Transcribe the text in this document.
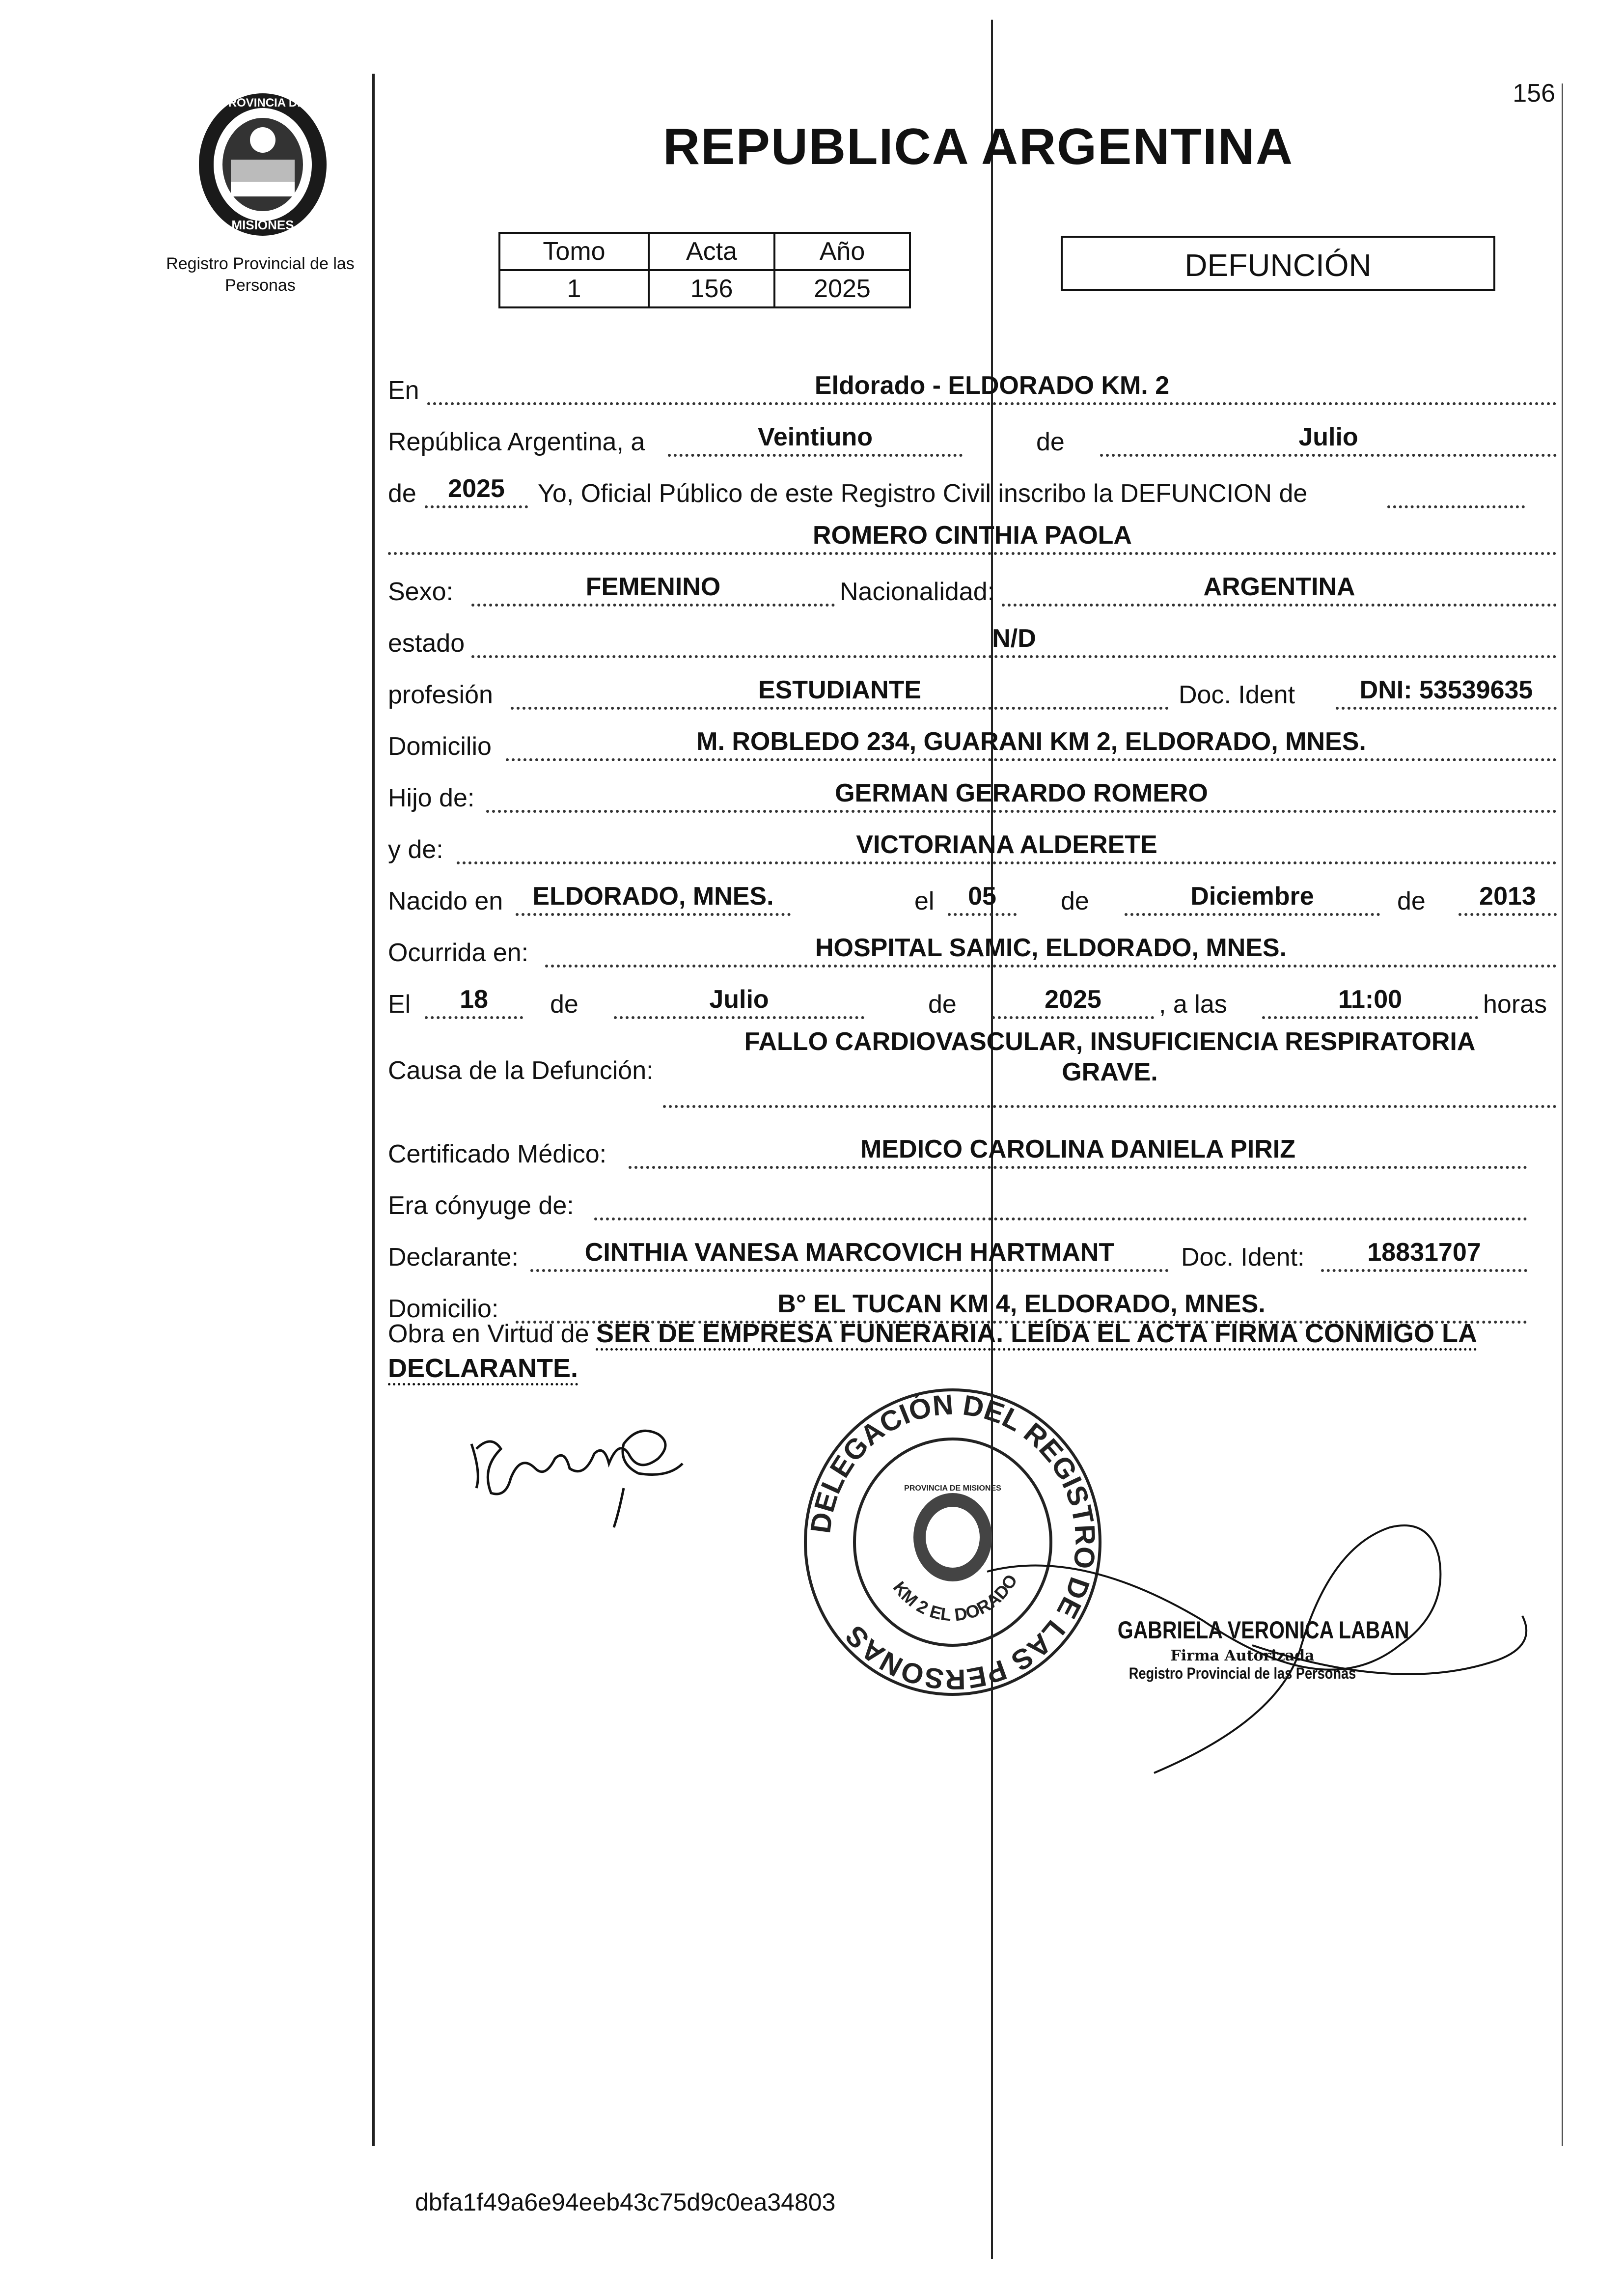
156
PROVINCIA DE
MISIONES
Registro Provincial de las Personas
REPUBLICA ARGENTINA
Tomo	Acta	Año
1	156	2025
DEFUNCIÓN
En	Eldorado - ELDORADO KM. 2
República Argentina, a	Veintiuno	de	Julio
de	2025	Yo, Oficial Público de este Registro Civil inscribo la DEFUNCION de
ROMERO CINTHIA PAOLA
Sexo:	FEMENINO	Nacionalidad:	ARGENTINA
estado	N/D
profesión	ESTUDIANTE	Doc. Ident	DNI: 53539635
Domicilio	M. ROBLEDO 234, GUARANI KM 2, ELDORADO, MNES.
Hijo de:	GERMAN GERARDO ROMERO
y de:	VICTORIANA ALDERETE
Nacido en	ELDORADO, MNES.	el	05	de	Diciembre	de	2013
Ocurrida en:	HOSPITAL SAMIC, ELDORADO, MNES.
El	18	de	Julio	de	2025	, a las	11:00	horas
Causa de la Defunción:
FALLO CARDIOVASCULAR, INSUFICIENCIA RESPIRATORIA
GRAVE.
Certificado Médico:	MEDICO CAROLINA DANIELA PIRIZ
Era cónyuge de:
Declarante:	CINTHIA VANESA MARCOVICH HARTMANT	Doc. Ident:	18831707
Domicilio:	B° EL TUCAN KM 4, ELDORADO, MNES.
Obra en Virtud de SER DE EMPRESA FUNERARIA. LEÍDA EL ACTA FIRMA CONMIGO LA
DECLARANTE.
DELEGACIÓN DEL REGISTRO DE LAS PERSONAS
PROVINCIA DE MISIONES
KM 2 EL DORADO
GABRIELA VERONICA LABAN
Firma Autorizada
Registro Provincial de las Personas
dbfa1f49a6e94eeb43c75d9c0ea34803
